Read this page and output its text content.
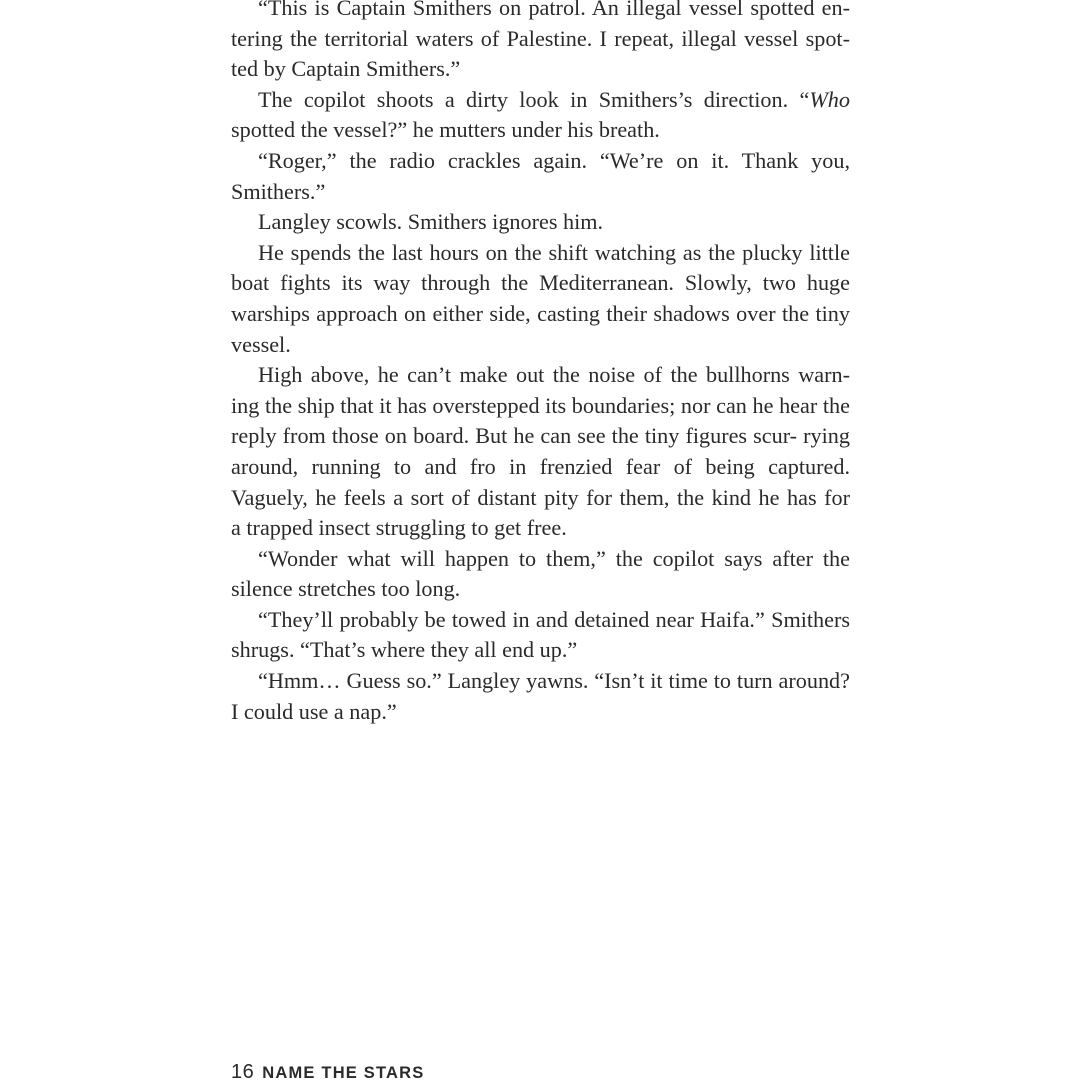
“This is Captain Smithers on patrol. An illegal vessel spotted en- tering the territorial waters of Palestine. I repeat, illegal vessel spot-

ted by Captain Smithers.”

The copilot shoots a dirty look in Smithers’s direction. “Who spotted the vessel?” he mutters under his breath.

“Roger,” the radio crackles again. “We’re on it. Thank you, Smithers.”

Langley scowls. Smithers ignores him.

He spends the last hours on the shift watching as the plucky little boat fights its way through the Mediterranean. Slowly, two huge warships approach on either side, casting their shadows over the tiny vessel.

High above, he can’t make out the noise of the bullhorns warn- ing the ship that it has overstepped its boundaries; nor can he hear the reply from those on board. But he can see the tiny figures scur- rying around, running to and fro in frenzied fear of being captured. Vaguely, he feels a sort of distant pity for them, the kind he has for

a trapped insect struggling to get free.

“Wonder what will happen to them,” the copilot says after the silence stretches too long.

“They’ll probably be towed in and detained near Haifa.” Smithers shrugs. “That’s where they all end up.”

“Hmm… Guess so.” Langley yawns. “Isn’t it time to turn around? I could use a nap.”

16 NAME THE STARS
